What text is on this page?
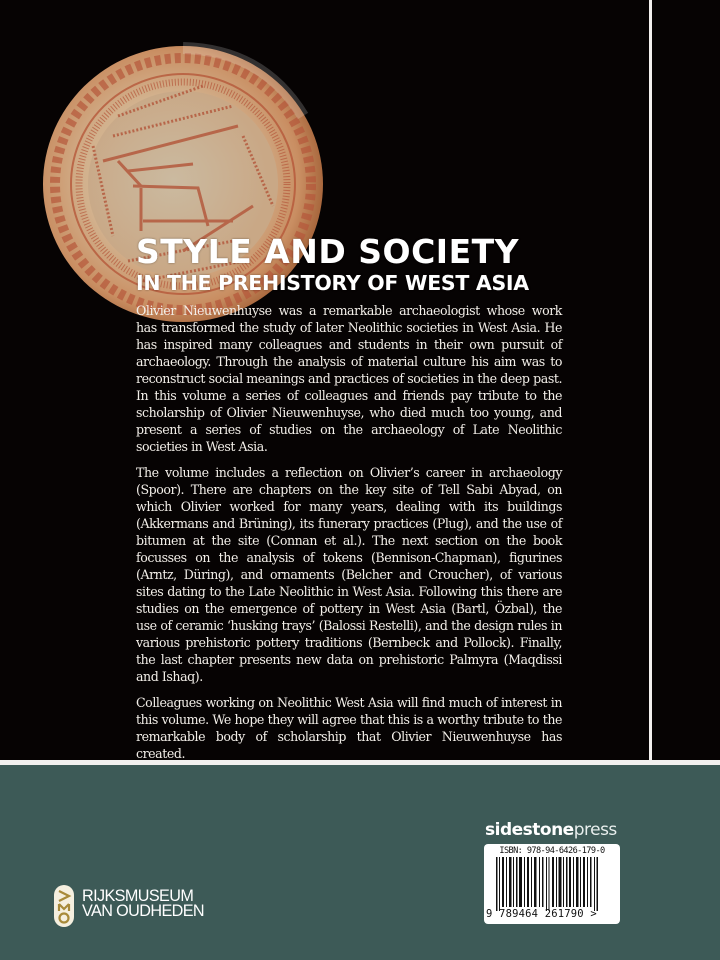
STYLE AND SOCIETY
IN THE PREHISTORY OF WEST ASIA

Olivier Nieuwenhuyse was a remarkable archaeologist whose work has transformed the study of later Neolithic societies in West Asia. He has inspired many colleagues and students in their own pursuit of archaeology. Through the analysis of material culture his aim was to reconstruct social meanings and practices of societies in the deep past. In this volume a series of colleagues and friends pay tribute to the scholarship of Olivier Nieuwenhuyse, who died much too young, and present a series of studies on the archaeology of Late Neolithic societies in West Asia.

The volume includes a reflection on Olivier’s career in archaeology (Spoor). There are chapters on the key site of Tell Sabi Abyad, on which Olivier worked for many years, dealing with its buildings (Akkermans and Brüning), its funerary practices (Plug), and the use of bitumen at the site (Connan et al.). The next section on the book focusses on the analysis of tokens (Bennison-Chapman), figurines (Arntz, Düring), and ornaments (Belcher and Croucher), of various sites dating to the Late Neolithic in West Asia. Following this there are studies on the emergence of pottery in West Asia (Bartl, Özbal), the use of ceramic ‘husking trays’ (Balossi Restelli), and the design rules in various prehistoric pottery traditions (Bernbeck and Pollock). Finally, the last chapter presents new data on prehistoric Palmyra (Maqdissi and Ishaq).

Colleagues working on Neolithic West Asia will find much of interest in this volume. We hope they will agree that this is a worthy tribute to the remarkable body of scholarship that Olivier Nieuwenhuyse has created.

sidestonepress
ISBN: 978-94-6426-179-0
9 789464 261790 >
RIJKSMUSEUM
VAN OUDHEDEN
